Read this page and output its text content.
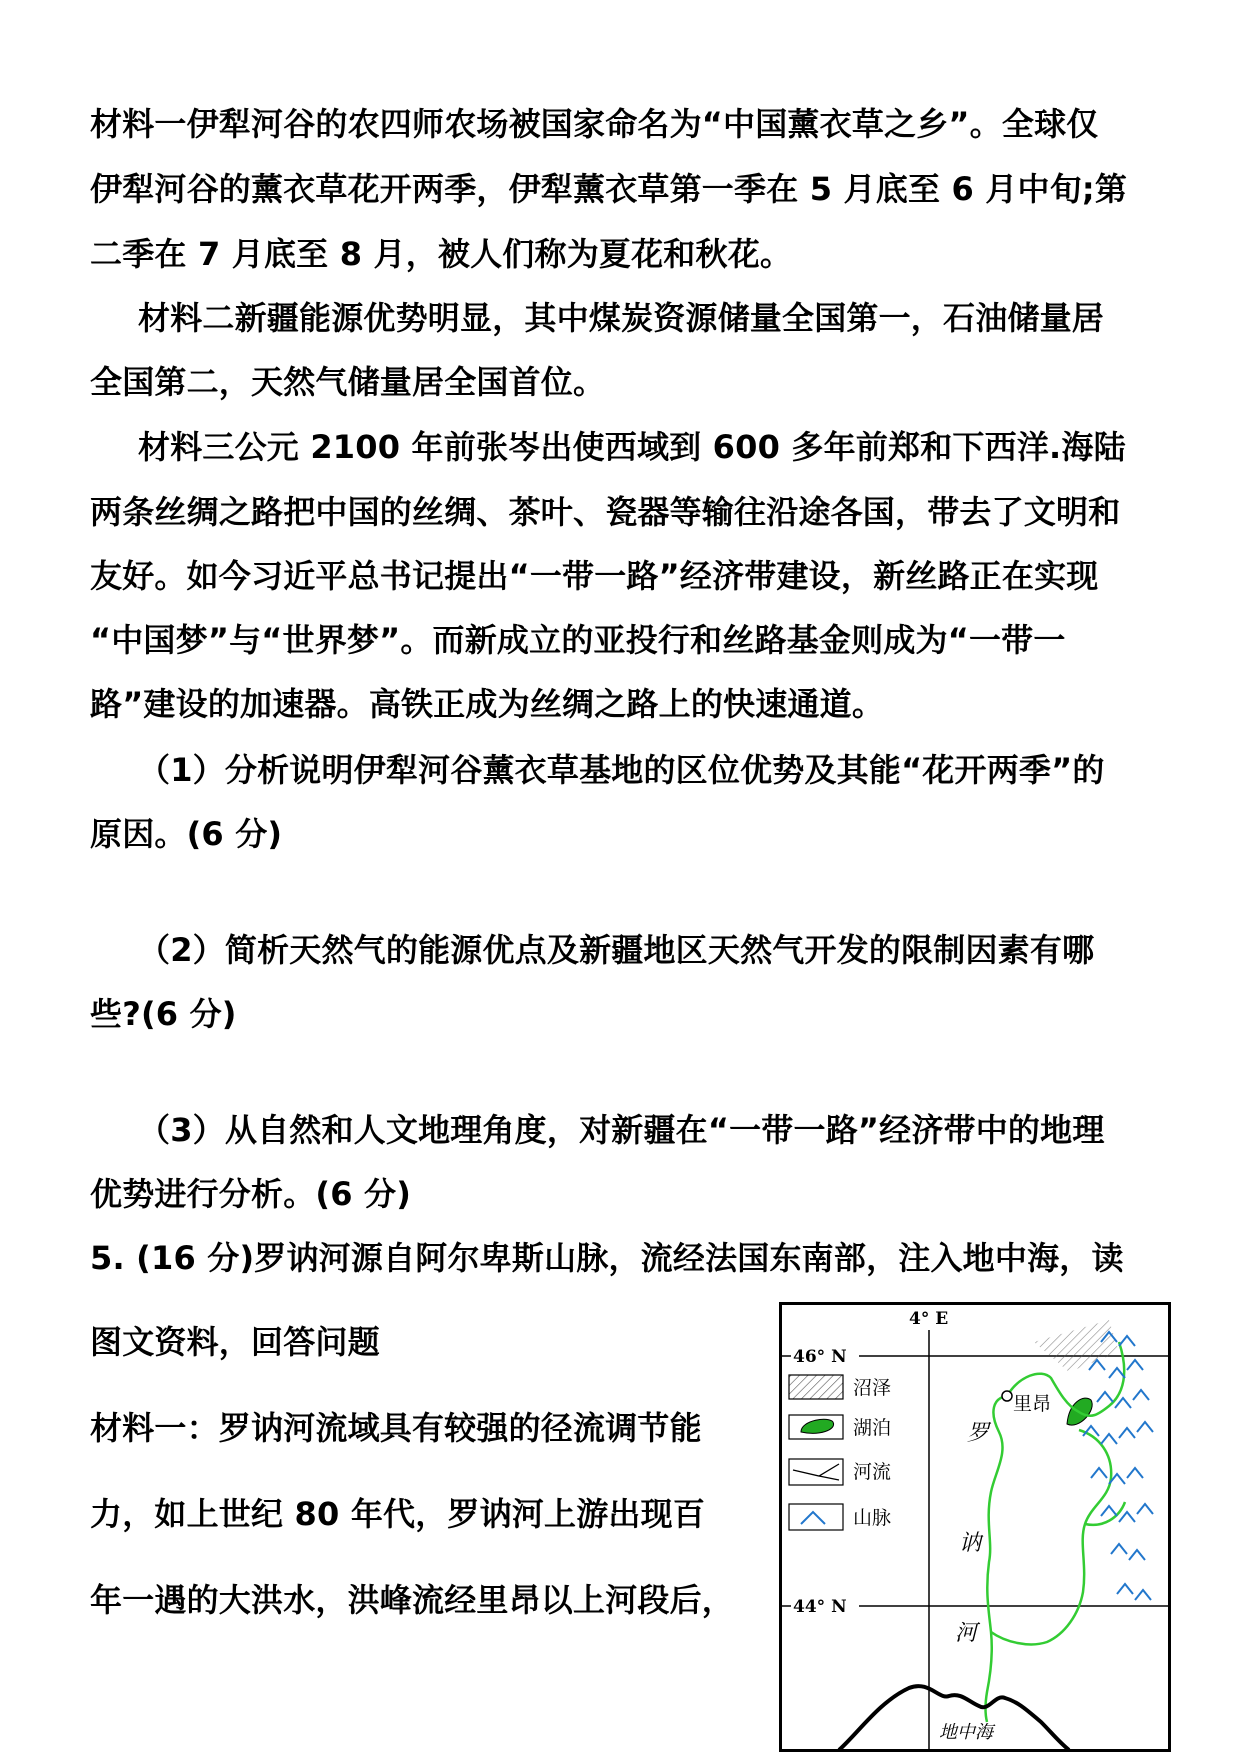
材料一伊犁河谷的农四师农场被国家命名为“中国薰衣草之乡”。全球仅
伊犁河谷的薰衣草花开两季，伊犁薰衣草第一季在 5 月底至 6 月中旬;第
二季在 7 月底至 8 月，被人们称为夏花和秋花。
材料二新疆能源优势明显，其中煤炭资源储量全国第一，石油储量居
全国第二，天然气储量居全国首位。
材料三公元 2100 年前张岑出使西域到 600 多年前郑和下西洋.海陆
两条丝绸之路把中国的丝绸、茶叶、瓷器等输往沿途各国，带去了文明和
友好。如今习近平总书记提出“一带一路”经济带建设，新丝路正在实现
“中国梦”与“世界梦”。而新成立的亚投行和丝路基金则成为“一带一
路”建设的加速器。高铁正成为丝绸之路上的快速通道。
（1）分析说明伊犁河谷薰衣草基地的区位优势及其能“花开两季”的
原因。(6 分)
（2）简析天然气的能源优点及新疆地区天然气开发的限制因素有哪
些?(6 分)
（3）从自然和人文地理角度，对新疆在“一带一路”经济带中的地理
优势进行分析。(6 分)
5. (16 分)罗讷河源自阿尔卑斯山脉，流经法国东南部，注入地中海，读
图文资料，回答问题
材料一：罗讷河流域具有较强的径流调节能
力，如上世纪 80 年代，罗讷河上游出现百
年一遇的大洪水，洪峰流经里昂以上河段后，
4° E
46° N
44° N
沼泽
湖泊
河流
山脉
里昂
罗
讷
河
地中海
